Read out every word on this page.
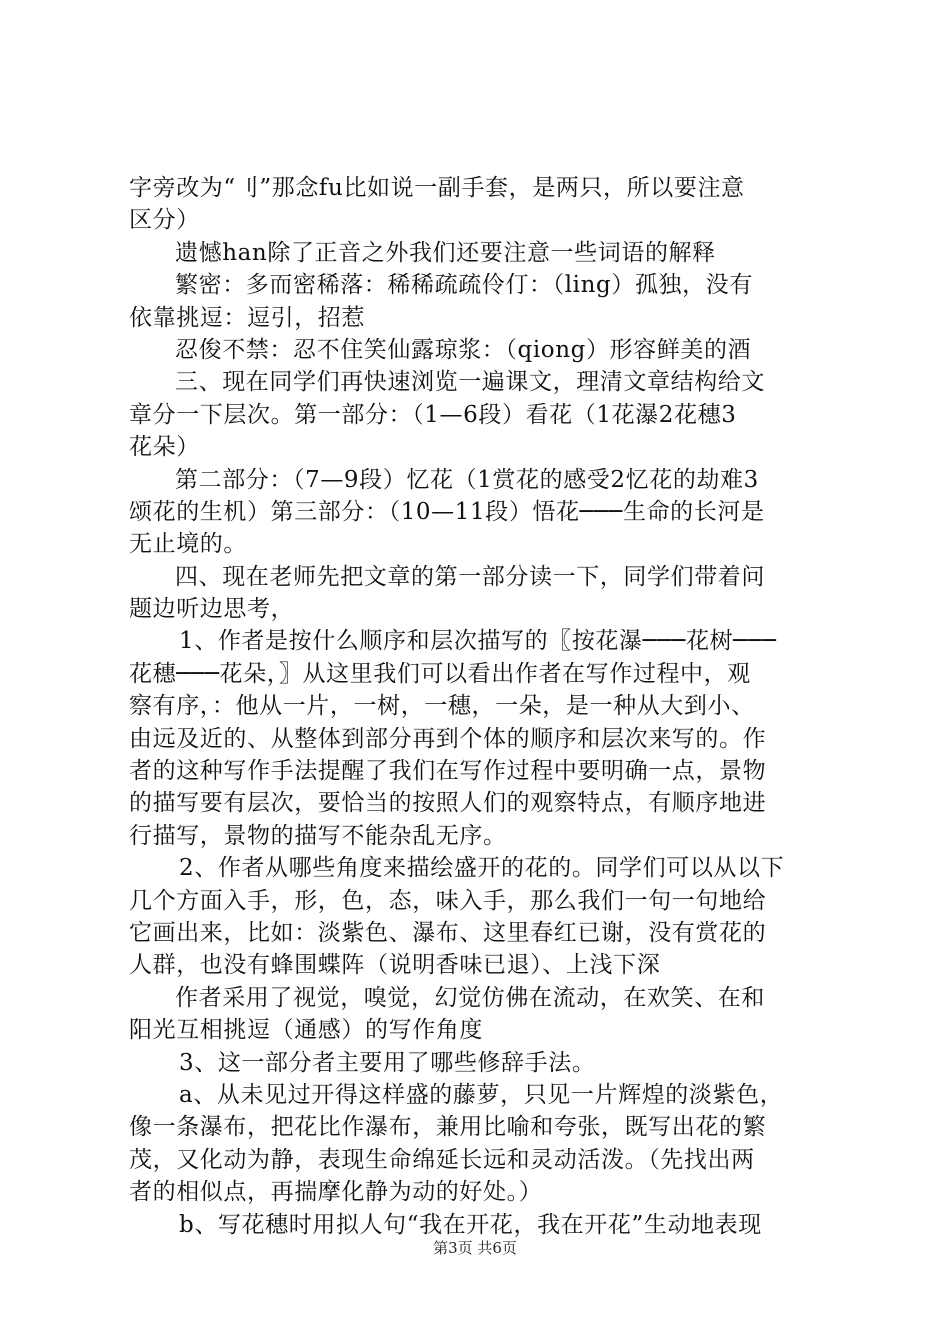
字旁改为“刂”那念fu比如说一副手套，是两只，所以要注意
区分）
遗憾han除了正音之外我们还要注意一些词语的解释
繁密：多而密稀落：稀稀疏疏伶仃：（ling）孤独，没有
依靠挑逗：逗引，招惹
忍俊不禁：忍不住笑仙露琼浆：（qiong）形容鲜美的酒
三、现在同学们再快速浏览一遍课文，理清文章结构给文
章分一下层次。第一部分：（1—6段）看花（1花瀑2花穗3
花朵）
第二部分：（7—9段）忆花（1赏花的感受2忆花的劫难3
颂花的生机）第三部分：（10—11段）悟花───生命的长河是
无止境的。
四、现在老师先把文章的第一部分读一下，同学们带着问
题边听边思考，
1、作者是按什么顺序和层次描写的〖按花瀑───花树───
花穗───花朵，〗从这里我们可以看出作者在写作过程中，观
察有序，：他从一片，一树，一穗，一朵，是一种从大到小、
由远及近的、从整体到部分再到个体的顺序和层次来写的。作
者的这种写作手法提醒了我们在写作过程中要明确一点，景物
的描写要有层次，要恰当的按照人们的观察特点，有顺序地进
行描写，景物的描写不能杂乱无序。
2、作者从哪些角度来描绘盛开的花的。同学们可以从以下
几个方面入手，形，色，态，味入手，那么我们一句一句地给
它画出来，比如：淡紫色、瀑布、这里春红已谢，没有赏花的
人群，也没有蜂围蝶阵（说明香味已退）、上浅下深
作者采用了视觉，嗅觉，幻觉仿佛在流动，在欢笑、在和
阳光互相挑逗（通感）的写作角度
3、这一部分者主要用了哪些修辞手法。
a、从未见过开得这样盛的藤萝，只见一片辉煌的淡紫色，
像一条瀑布，把花比作瀑布，兼用比喻和夸张，既写出花的繁
茂，又化动为静，表现生命绵延长远和灵动活泼。（先找出两
者的相似点，再揣摩化静为动的好处。）
b、写花穗时用拟人句“我在开花，我在开花”生动地表现
第3页 共6页
